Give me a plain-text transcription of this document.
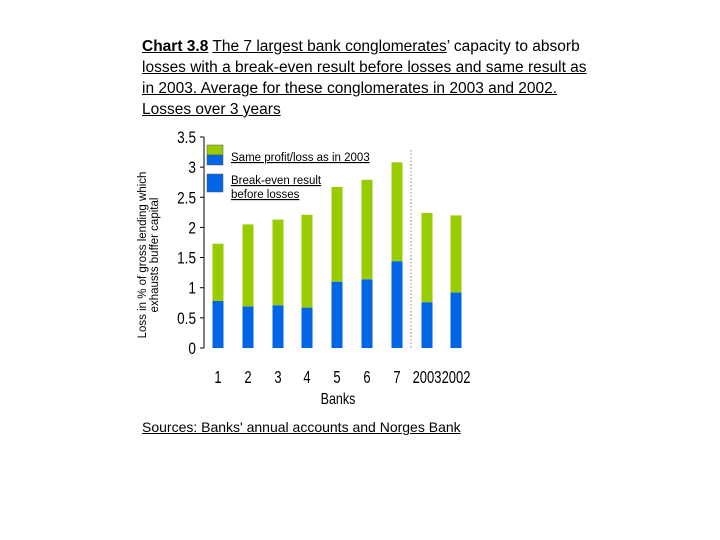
Chart 3.8 The 7 largest bank conglomerates’ capacity to absorb losses with a break-even result before losses and same result as in 2003. Average for these conglomerates in 2003 and 2002. Losses over 3 years
0
0.5
1
1.5
2
2.5
3
3.5
1 2 3 4 5 6 7 2003 2002
Banks
Loss in % of gross lending whichexhausts buffer capital
Same profit/loss as in 2003
Break-even result before losses
Sources: Banks' annual accounts and Norges Bank
